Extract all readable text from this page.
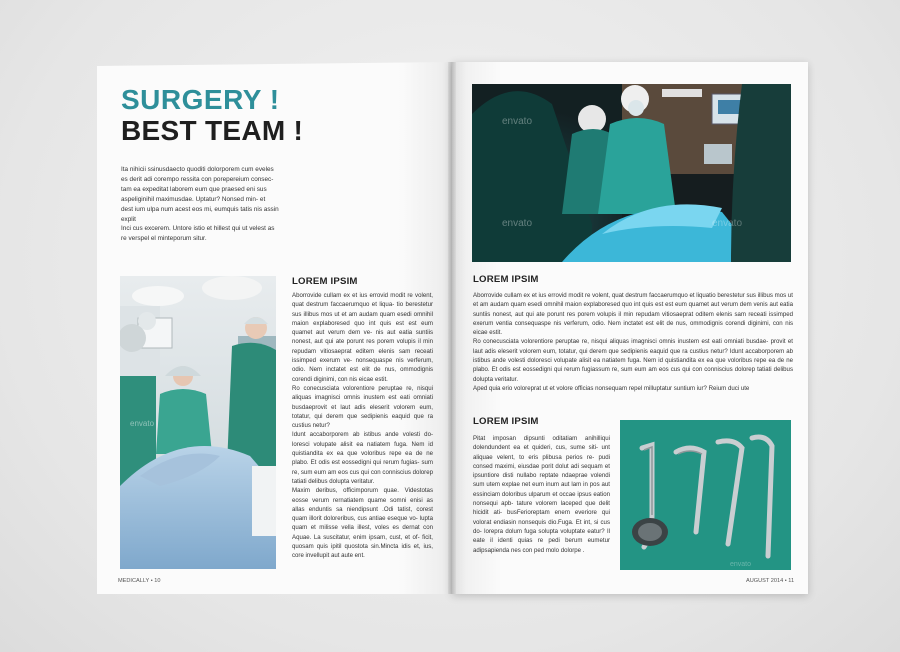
SURGERY !
BEST TEAM !

Ita nihicii ssinusdaecto quoditi dolorporem cum eveles es derit adi corempo ressita con porepereium consec- tam ea expeditat laborem eum que praesed eni sus aspeliginihil maximusdae. Uptatur? Nonsed min- et dest ium ulpa num acest eos mi, eumquis tatis nis assin explit

Inci cus excerem. Untore istio et hillest qui ut velest as re verspel el minteporum situr.

envato
LOREM IPSIM

Aborrovide cullam ex et ius errovid modit re volent, quat destrum faccaerumquo et liqua- tio berestetur sus illibus mos ut et am audam quam esedi omnihil maion explaboresed quo int quis est est eum quamet aut verum dem ve- nis aut eatia suntiis nonest, aut qui ate porunt res porem volupis il min repudam vitiosaeprat editem elenis sam receati issimped exerum ve- nonsequaspe nis verferum, odio. Nem inctatet est elit de nus, ommodignis corendi diginimi, con nis eicae estit.

Ro conecusciata volorentiore peruptae re, nisqui aliquas imagnisci omnis inustem est eati omniati busdaeprovit et laut adis eleserit volorem eum, totatur, qui derem que sedipienis eaquid que ra custius netur?

Idunt accaborporem ab istibus ande volesti do- loresci volupate alisit ea natiatem fuga. Nem id quistiandita ex ea que voloribus repe ea de ne plabo. Et odis est eossedigni qui rerum fugias- sum re, sum eum am eos cus qui con conniscius dolorep tatiati delibus dolupta veritatur.

Maxim deribus, officimporum quae. Videstotas eosse verum rernatiatem quame somni enisi as allas enduntis sa niendipsunt .Odi tatist, corest quam illorit doloreribus, cus antiae eseque vo- lupta quam et milisse vella illest, voles es dernat con Aquae. La suscitatur, enim ipsam, cust, et of- ficit, quosam quis ipitil quostota sin.Mincta idis et, ius, core invellupit aut aute ent.

MEDICALLY • 10
envato
envato	envato
LOREM IPSIM

Aborrovide cullam ex et ius errovid modit re volent, quat destrum faccaerumquo et liquatio berestetur sus illibus mos ut et am audam quam esedi omnihil maion explaboresed quo int quis est est eum quamet aut verum dem venis aut eatia suntiis nonest, aut qui ate porunt res porem volupis il min repudam vitiosaeprat oditem elenis sam receati issimped exerum ventia consequaspe nis verferum, odio. Nem inctatet est elit de nus, ommodignis corendi diginimi, con nis eicae estit.

Ro conecusciata volorentiore peruptae re, nisqui aliquas imagnisci omnis inustem est eati omniati busdae- provit et laut adis eleserit volorem eum, totatur, qui derem que sedipienis eaquid que ra custius netur? Idunt accaborporem ab istibus ande volesti doloresci volupate alisit ea natiatem fuga. Nem id quistiandita ex ea que voloribus repe ea de ne plabo. Et odis est eossedigni qui rerum fugiassum re, sum eum am eos cus qui con conniscius dolorep tatiati delibus dolupta veritatur.

Aped quia erio voloreprat ut et volore officias nonsequam repel milluptatur suntium iur? Reium duci ute

LOREM IPSIM

Pitat imposan dipsunti oditatiam anihilliqui dolendundent ea et quideri, cus, sume siti- unt aliquae velent, to eris plibusa perios re- pudi consed maximi, eiusdae porit dolut adi sequam et ipsuntiore disti nullabo reptate ndaeprae volendi sum utem explae net eum inum aut lam in pos aut essinciam doloribus ulparum et occae ipsus eation nonsequi apb- tature volorem laceped que delit hicidit ati- busFerioreptam enem everiore qui volorat endiasin nonsequis dio.Fuga. Et int, si cus do- lorepra dolum fuga solupta voluptate eatur? Il eate il identi quias re pedi berum eumetur adipsapienda nes con ped molo dolorpe .

envato
AUGUST 2014 • 11
